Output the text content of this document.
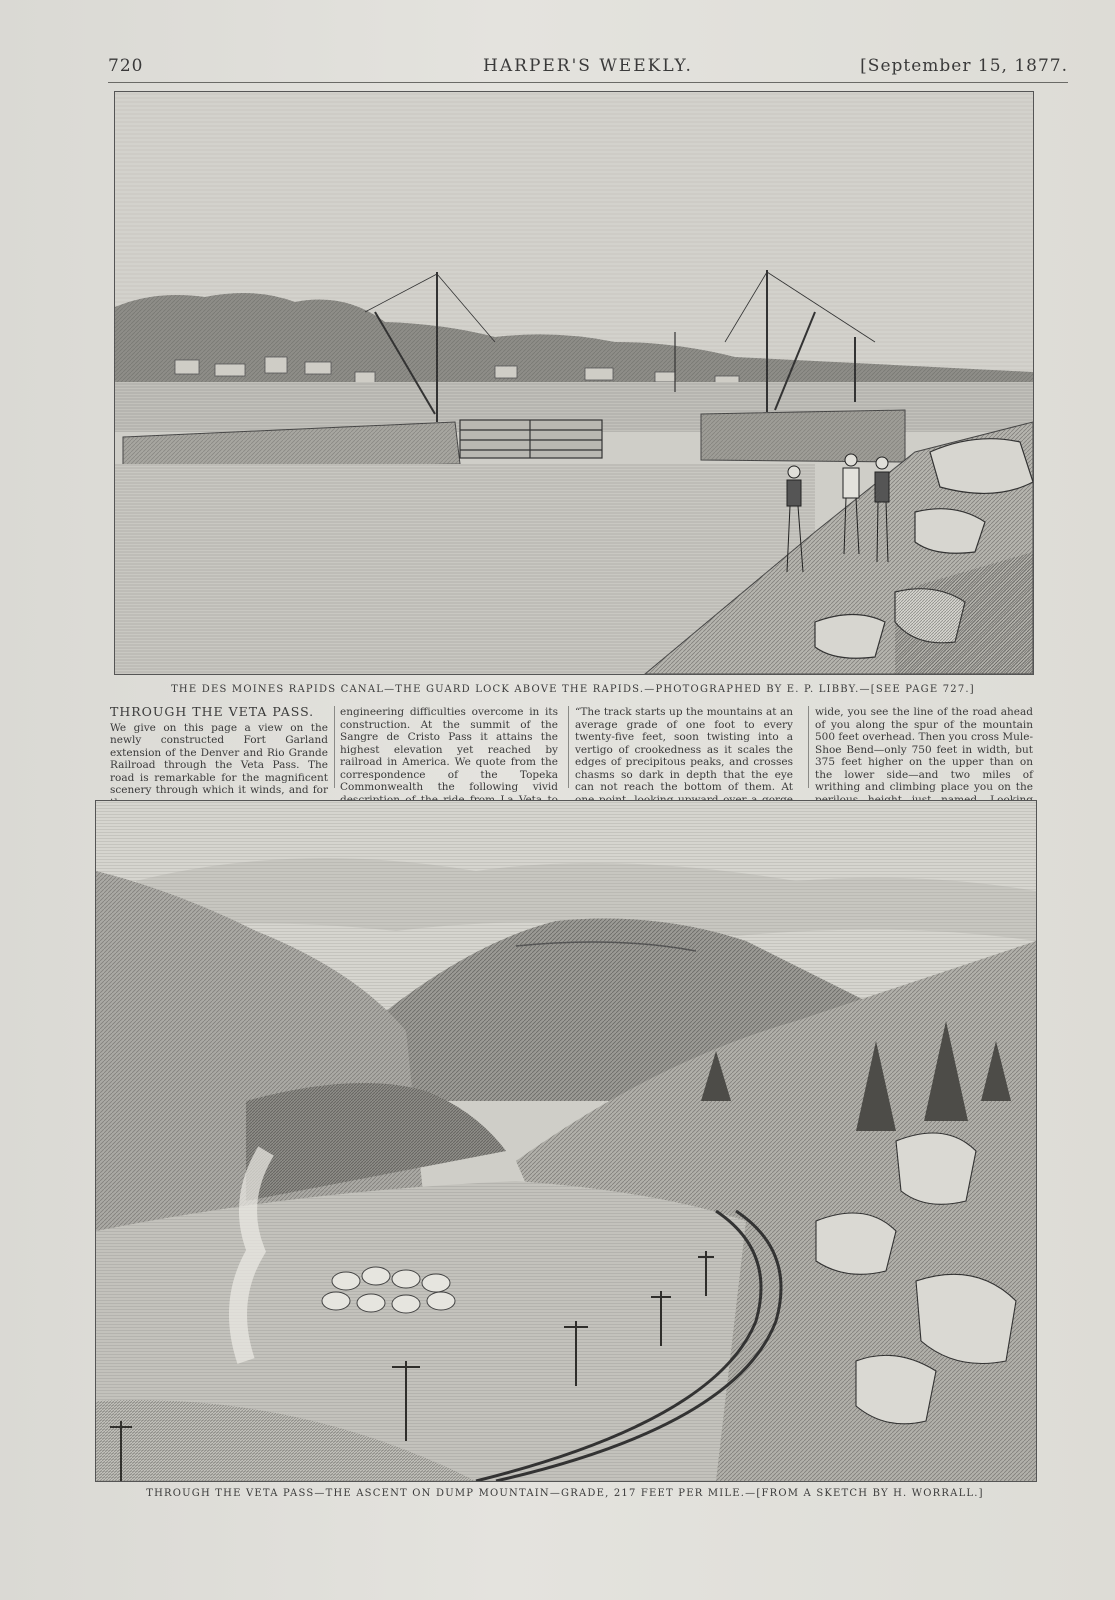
720	HARPER'S WEEKLY.	[September 15, 1877.
THE DES MOINES RAPIDS CANAL—THE GUARD LOCK ABOVE THE RAPIDS.—PHOTOGRAPHED BY E. P. LIBBY.—[SEE PAGE 727.]
THROUGH THE VETA PASS.

We give on this page a view on the newly constructed Fort Garland extension of the Denver and Rio Grande Railroad through the Veta Pass. The road is remarkable for the magnificent scenery through which it winds, and for

engineering difficulties overcome in its construction. At the summit of the Sangre de Cristo Pass it attains the highest elevation yet reached by railroad in America. We quote from the correspondence of the Topeka Commonwealth the following vivid

“The track starts up the mountains at an average grade of one foot to every twenty-five feet, soon twisting into a vertigo of crookedness as it scales the edges of precipitous peaks, and crosses chasms so dark in depth that the eye can not reach the bottom of them. At

wide, you see the line of the road ahead of you along the spur of the mountain 500 feet overhead. Then you cross Mule-Shoe Bend—only 750 feet in width, but 375 feet higher on the upper than on the lower side—and two miles of writhing and climbing place you on the

THROUGH THE VETA PASS—THE ASCENT ON DUMP MOUNTAIN—GRADE, 217 FEET PER MILE.—[FROM A SKETCH BY H. WORRALL.]
